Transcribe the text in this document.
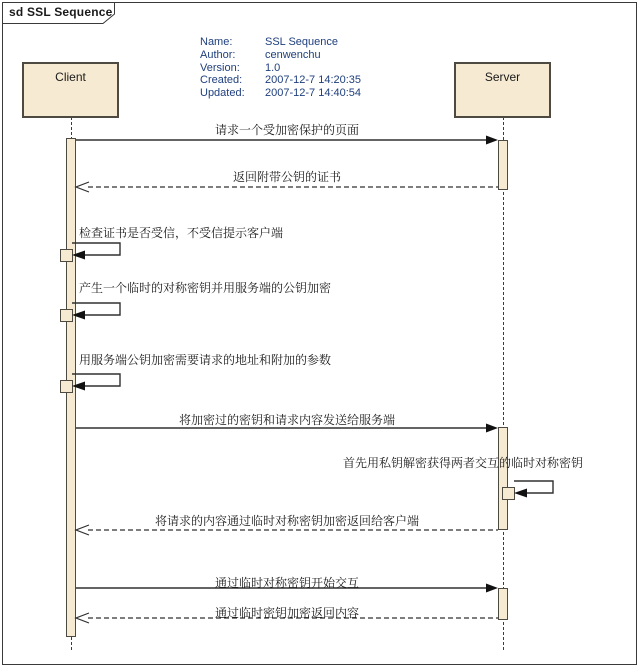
sd SSL Sequence
Name:	SSL Sequence
Author:	cenwenchu
Version:	1.0
Created:	2007-12-7 14:20:35
Updated:	2007-12-7 14:40:54
Client	Server
请求一个受加密保护的页面
返回附带公钥的证书
检查证书是否受信，不受信提示客户端
产生一个临时的对称密钥并用服务端的公钥加密
用服务端公钥加密需要请求的地址和附加的参数
将加密过的密钥和请求内容发送给服务端
首先用私钥解密获得两者交互的临时对称密钥
将请求的内容通过临时对称密钥加密返回给客户端
通过临时对称密钥开始交互
通过临时密钥加密返回内容
